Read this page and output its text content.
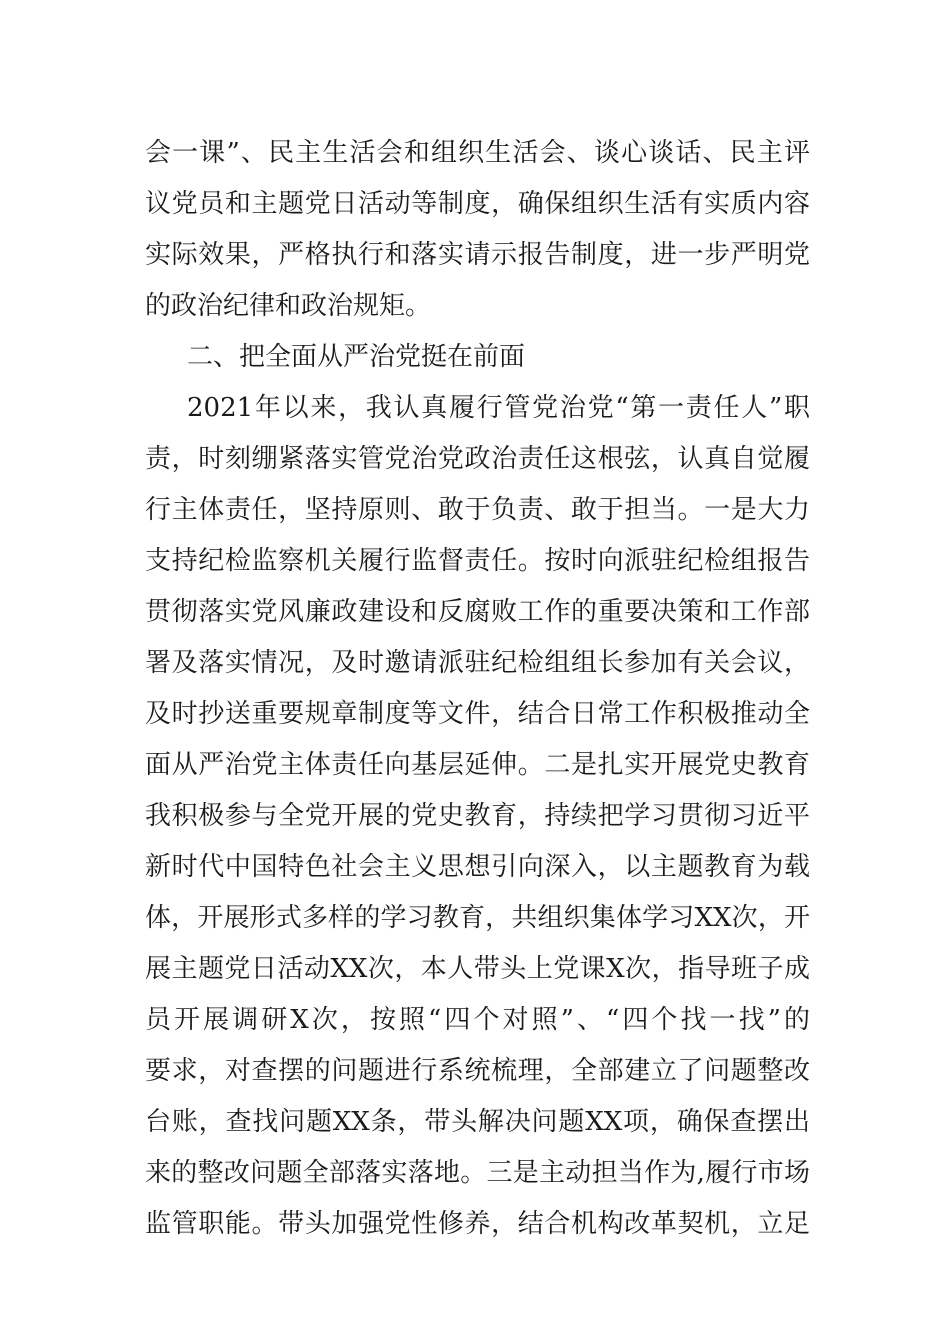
会一课”、民主生活会和组织生活会、谈心谈话、民主评
议党员和主题党日活动等制度，确保组织生活有实质内容
实际效果，严格执行和落实请示报告制度，进一步严明党
的政治纪律和政治规矩。
二、把全面从严治党挺在前面
2021年以来，我认真履行管党治党“第一责任人”职
责，时刻绷紧落实管党治党政治责任这根弦，认真自觉履
行主体责任，坚持原则、敢于负责、敢于担当。一是大力
支持纪检监察机关履行监督责任。按时向派驻纪检组报告
贯彻落实党风廉政建设和反腐败工作的重要决策和工作部
署及落实情况，及时邀请派驻纪检组组长参加有关会议，
及时抄送重要规章制度等文件，结合日常工作积极推动全
面从严治党主体责任向基层延伸。二是扎实开展党史教育
我积极参与全党开展的党史教育，持续把学习贯彻习近平
新时代中国特色社会主义思想引向深入，以主题教育为载
体，开展形式多样的学习教育，共组织集体学习XX次，开
展主题党日活动XX次，本人带头上党课X次，指导班子成
员开展调研X次，按照“四个对照”、“四个找一找”的
要求，对查摆的问题进行系统梳理，全部建立了问题整改
台账，查找问题XX条，带头解决问题XX项，确保查摆出
来的整改问题全部落实落地。三是主动担当作为,履行市场
监管职能。带头加强党性修养，结合机构改革契机，立足
